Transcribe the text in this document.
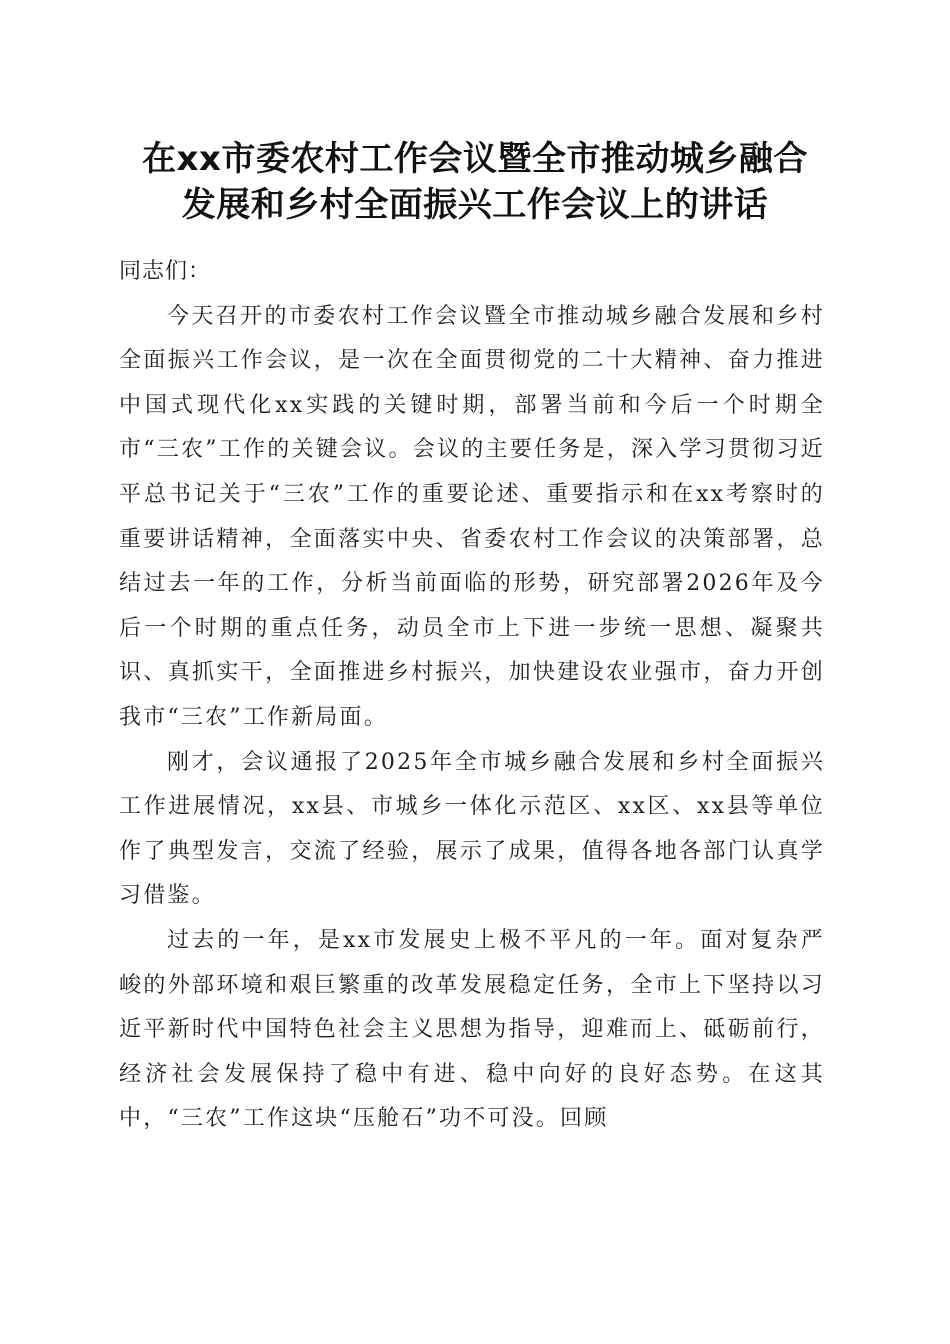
在xx市委农村工作会议暨全市推动城乡融合
发展和乡村全面振兴工作会议上的讲话

同志们：

今天召开的市委农村工作会议暨全市推动城乡融合发展和乡村全面振兴工作会议，是一次在全面贯彻党的二十大精神、奋力推进中国式现代化xx实践的关键时期，部署当前和今后一个时期全市“三农”工作的关键会议。会议的主要任务是，深入学习贯彻习近平总书记关于“三农”工作的重要论述、重要指示和在xx考察时的重要讲话精神，全面落实中央、省委农村工作会议的决策部署，总结过去一年的工作，分析当前面临的形势，研究部署2026年及今后一个时期的重点任务，动员全市上下进一步统一思想、凝聚共识、真抓实干，全面推进乡村振兴，加快建设农业强市，奋力开创我市“三农”工作新局面。

刚才，会议通报了2025年全市城乡融合发展和乡村全面振兴工作进展情况，xx县、市城乡一体化示范区、xx区、xx县等单位作了典型发言，交流了经验，展示了成果，值得各地各部门认真学习借鉴。

过去的一年，是xx市发展史上极不平凡的一年。面对复杂严峻的外部环境和艰巨繁重的改革发展稳定任务，全市上下坚持以习近平新时代中国特色社会主义思想为指导，迎难而上、砥砺前行，经济社会发展保持了稳中有进、稳中向好的良好态势。在这其中，“三农”工作这块“压舱石”功不可没。回顾
